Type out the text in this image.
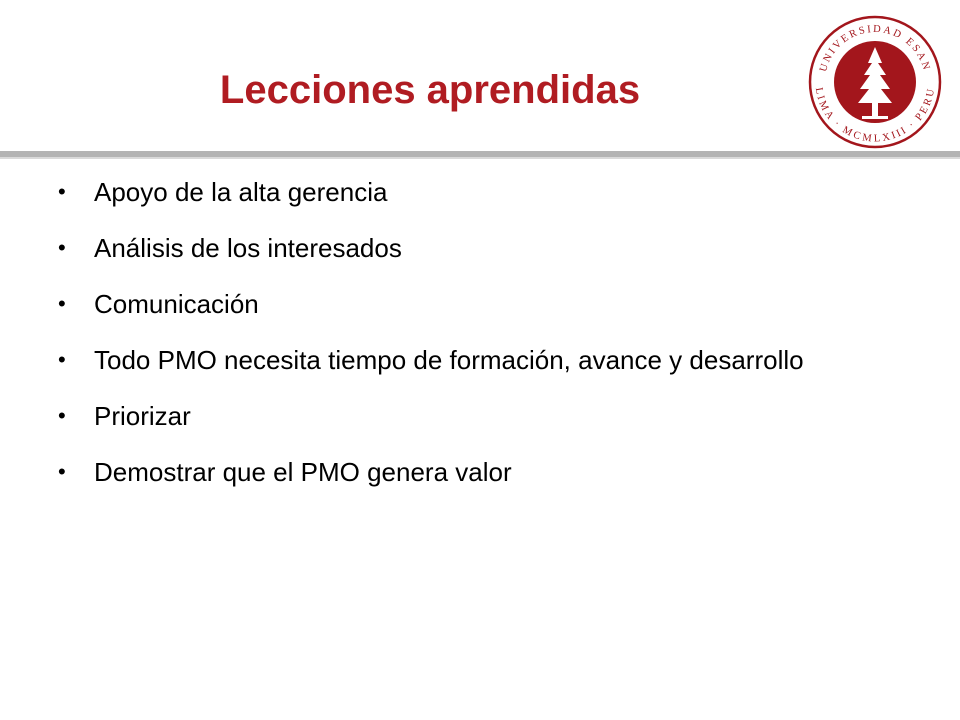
Lecciones aprendidas
UNIVERSIDAD ESAN
LIMA · MCMLXIII · PERU
• Apoyo de la alta gerencia
• Análisis de los interesados
• Comunicación
• Todo PMO necesita tiempo de formación, avance y desarrollo
• Priorizar
• Demostrar que el PMO genera valor
